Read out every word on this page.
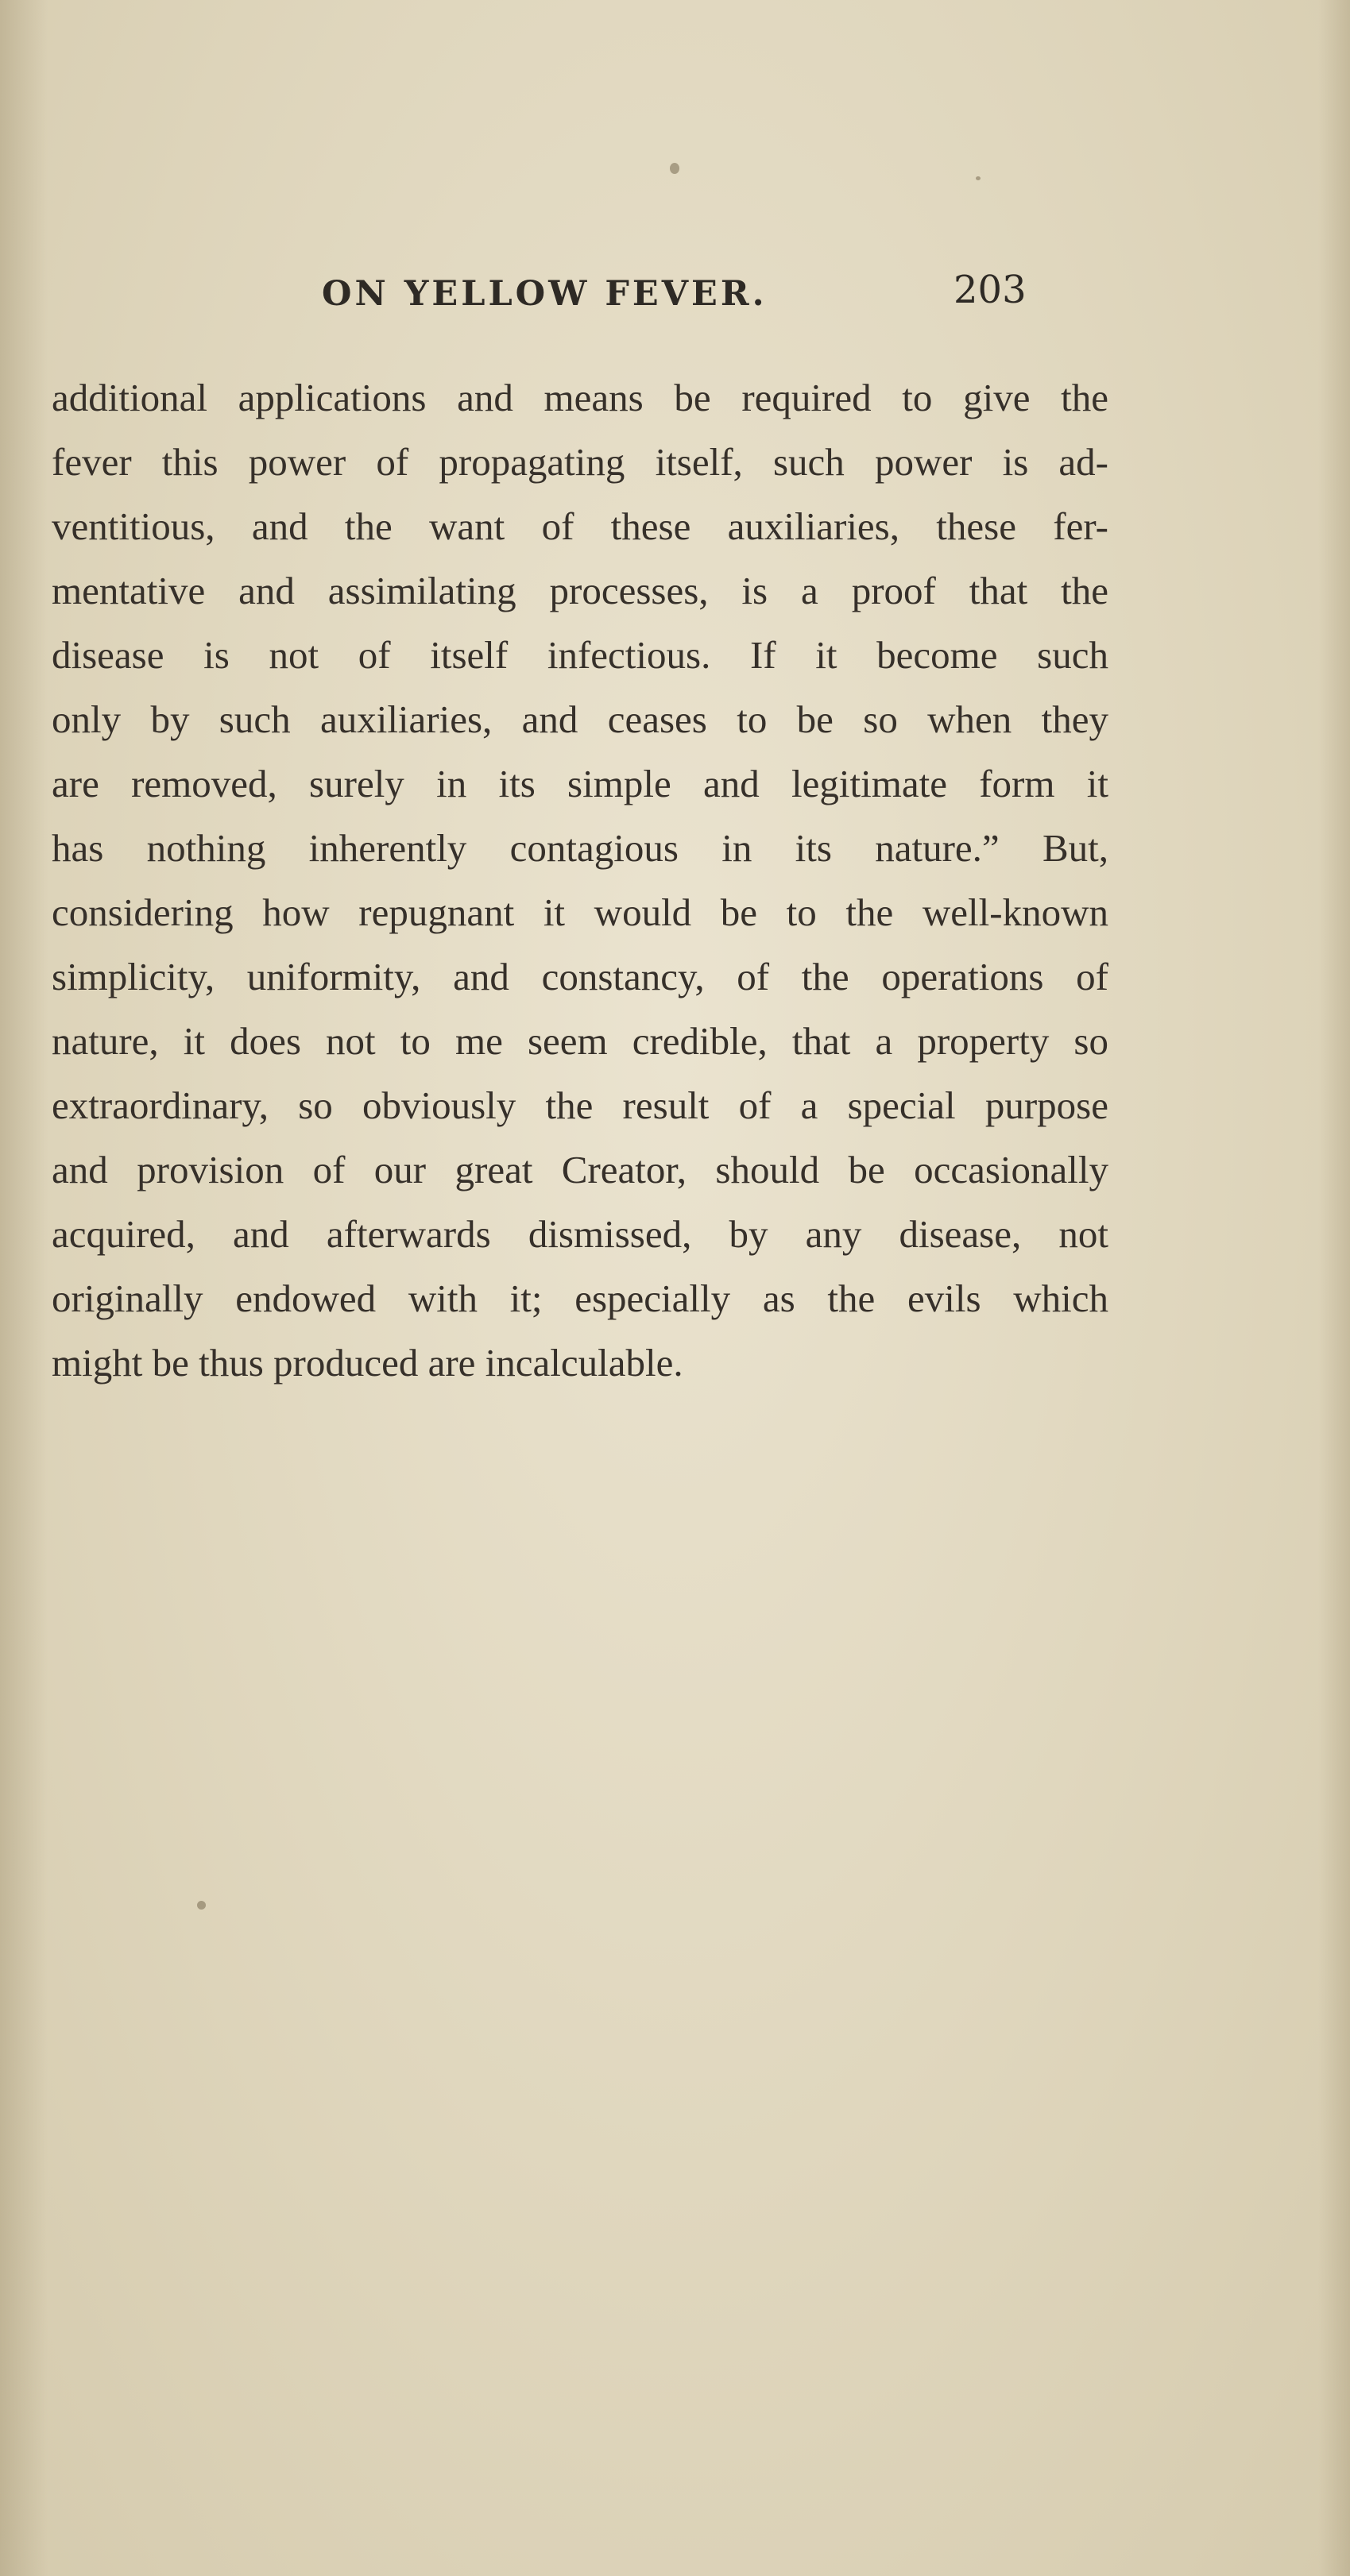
ON YELLOW FEVER.	203
additional applications and means be required to give the
fever this power of propagating itself, such power is ad-
ventitious, and the want of these auxiliaries, these fer-
mentative and assimilating processes, is a proof that the
disease is not of itself infectious. If it become such
only by such auxiliaries, and ceases to be so when they
are removed, surely in its simple and legitimate form it
has nothing inherently contagious in its nature.” But,
considering how repugnant it would be to the well-known
simplicity, uniformity, and constancy, of the operations of
nature, it does not to me seem credible, that a property so
extraordinary, so obviously the result of a special purpose
and provision of our great Creator, should be occasionally
acquired, and afterwards dismissed, by any disease, not
originally endowed with it; especially as the evils which
might be thus produced are incalculable.
